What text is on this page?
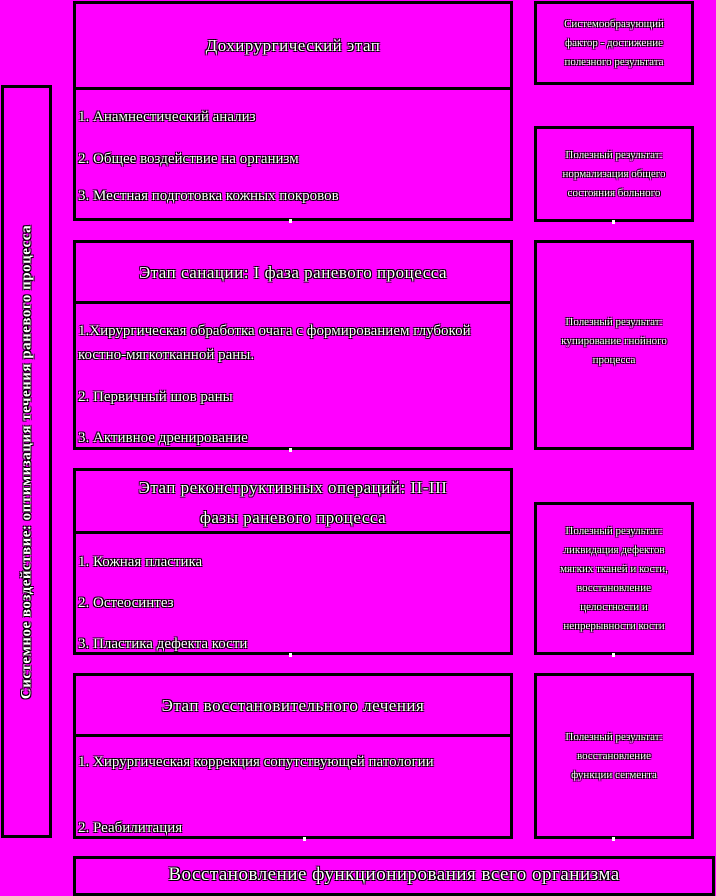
Системное воздействие: оптимизация течения раневого процесса
Дохирургический этап
1. Анамнестический анализ
2. Общее воздействие на организм
3. Местная подготовка кожных покровов
Этап санации: I фаза раневого процесса
1.Хирургическая обработка очага с формированием глубокой костно-мягкотканной раны.
2. Первичный шов раны
3. Активное дренирование
Этап реконструктивных операций: II-III
фазы раневого процесса
1. Кожная пластика
2. Остеосинтез
3. Пластика дефекта кости
Этап восстановительного лечения
1. Хирургическая коррекция сопутствующей патологии
2. Реабилитация
Системообразующий
фактор - достижение
полезного результата
Полезный результат:
нормализация общего
состояния больного
Полезный результат:
купирование гнойного
процесса
Полезный результат:
ликвидация дефектов
мягких тканей и кости,
восстановление
целостности и
непрерывности кости
Полезный результат:
восстановление
функции сегмента
Восстановление функционирования всего организма
